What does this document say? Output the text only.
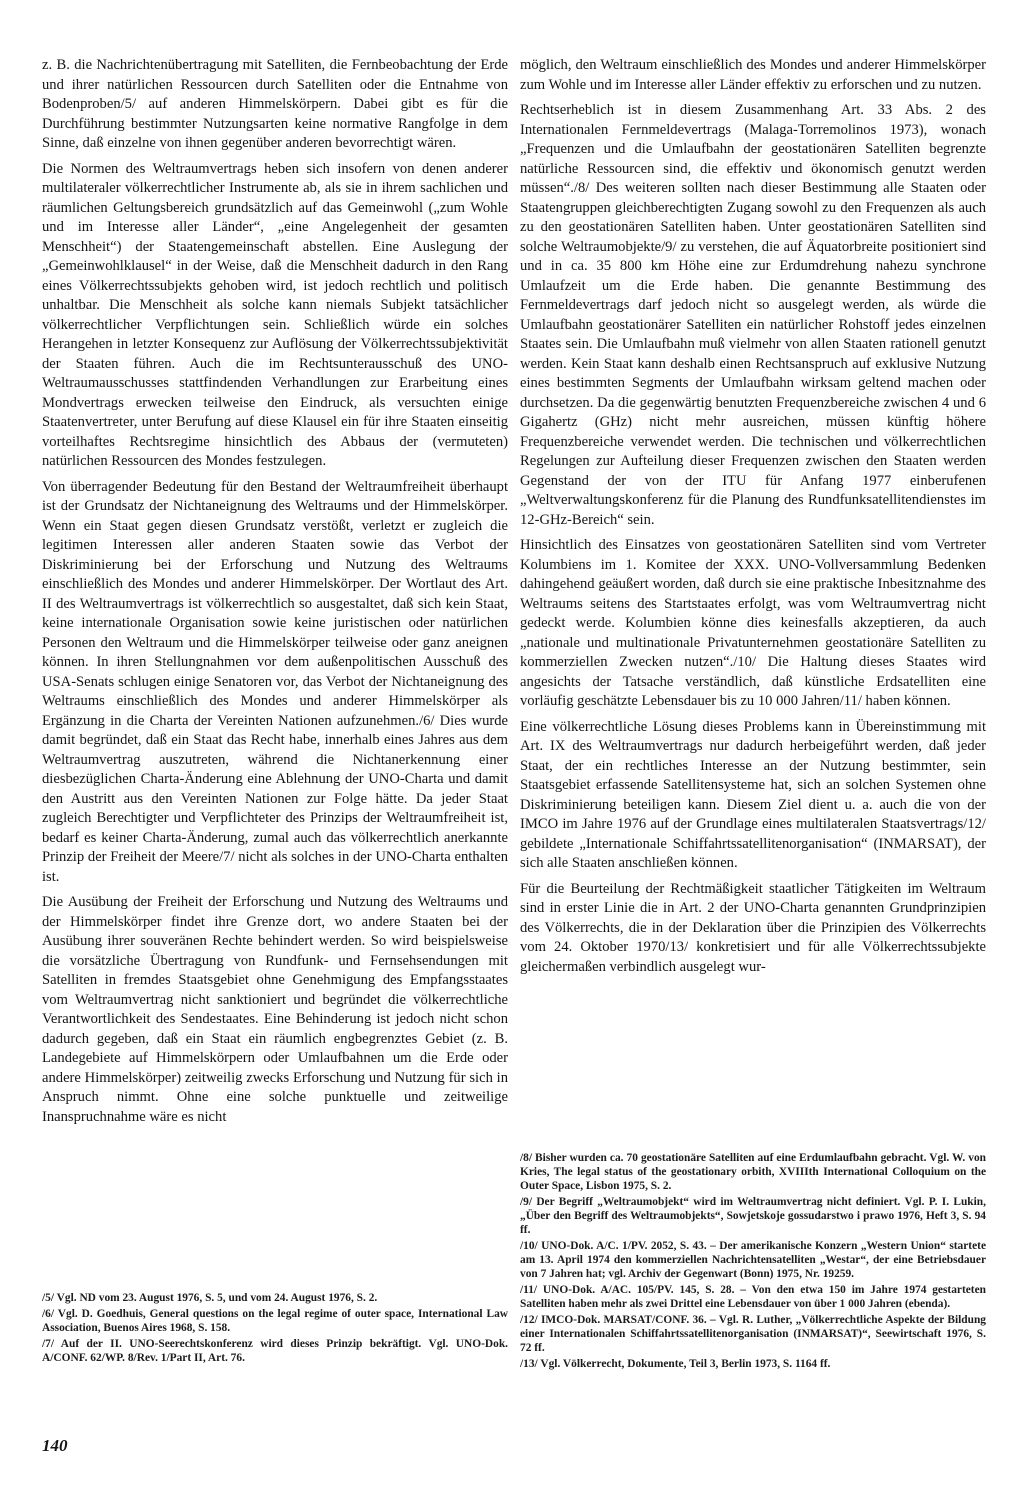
z. B. die Nachrichtenübertragung mit Satelliten, die Fernbeobachtung der Erde und ihrer natürlichen Ressourcen durch Satelliten oder die Entnahme von Bodenproben/5/ auf anderen Himmelskörpern. Dabei gibt es für die Durchführung bestimmter Nutzungsarten keine normative Rangfolge in dem Sinne, daß einzelne von ihnen gegenüber anderen bevorrechtigt wären.

Die Normen des Weltraumvertrags heben sich insofern von denen anderer multilateraler völkerrechtlicher Instrumente ab, als sie in ihrem sachlichen und räumlichen Geltungsbereich grundsätzlich auf das Gemeinwohl („zum Wohle und im Interesse aller Länder“, „eine Angelegenheit der gesamten Menschheit“) der Staatengemeinschaft abstellen. Eine Auslegung der „Gemeinwohlklausel“ in der Weise, daß die Menschheit dadurch in den Rang eines Völkerrechtssubjekts gehoben wird, ist jedoch rechtlich und politisch unhaltbar. Die Menschheit als solche kann niemals Subjekt tatsächlicher völkerrechtlicher Verpflichtungen sein. Schließlich würde ein solches Herangehen in letzter Konsequenz zur Auflösung der Völkerrechtssubjektivität der Staaten führen. Auch die im Rechtsunterausschuß des UNO-Weltraumausschusses stattfindenden Verhandlungen zur Erarbeitung eines Mondvertrags erwecken teilweise den Eindruck, als versuchten einige Staatenvertreter, unter Berufung auf diese Klausel ein für ihre Staaten einseitig vorteilhaftes Rechtsregime hinsichtlich des Abbaus der (vermuteten) natürlichen Ressourcen des Mondes festzulegen.

Von überragender Bedeutung für den Bestand der Weltraumfreiheit überhaupt ist der Grundsatz der Nichtaneignung des Weltraums und der Himmelskörper. Wenn ein Staat gegen diesen Grundsatz verstößt, verletzt er zugleich die legitimen Interessen aller anderen Staaten sowie das Verbot der Diskriminierung bei der Erforschung und Nutzung des Weltraums einschließlich des Mondes und anderer Himmelskörper. Der Wortlaut des Art. II des Weltraumvertrags ist völkerrechtlich so ausgestaltet, daß sich kein Staat, keine internationale Organisation sowie keine juristischen oder natürlichen Personen den Weltraum und die Himmelskörper teilweise oder ganz aneignen können. In ihren Stellungnahmen vor dem außenpolitischen Ausschuß des USA-Senats schlugen einige Senatoren vor, das Verbot der Nichtaneignung des Weltraums einschließlich des Mondes und anderer Himmelskörper als Ergänzung in die Charta der Vereinten Nationen aufzunehmen./6/ Dies wurde damit begründet, daß ein Staat das Recht habe, innerhalb eines Jahres aus dem Weltraumvertrag auszutreten, während die Nichtanerkennung einer diesbezüglichen Charta-Änderung eine Ablehnung der UNO-Charta und damit den Austritt aus den Vereinten Nationen zur Folge hätte. Da jeder Staat zugleich Berechtigter und Verpflichteter des Prinzips der Weltraumfreiheit ist, bedarf es keiner Charta-Änderung, zumal auch das völkerrechtlich anerkannte Prinzip der Freiheit der Meere/7/ nicht als solches in der UNO-Charta enthalten ist.

Die Ausübung der Freiheit der Erforschung und Nutzung des Weltraums und der Himmelskörper findet ihre Grenze dort, wo andere Staaten bei der Ausübung ihrer souveränen Rechte behindert werden. So wird beispielsweise die vorsätzliche Übertragung von Rundfunk- und Fernsehsendungen mit Satelliten in fremdes Staatsgebiet ohne Genehmigung des Empfangsstaates vom Weltraumvertrag nicht sanktioniert und begründet die völkerrechtliche Verantwortlichkeit des Sendestaates. Eine Behinderung ist jedoch nicht schon dadurch gegeben, daß ein Staat ein räumlich engbegrenztes Gebiet (z. B. Landegebiete auf Himmelskörpern oder Umlaufbahnen um die Erde oder andere Himmelskörper) zeitweilig zwecks Erforschung und Nutzung für sich in Anspruch nimmt. Ohne eine solche punktuelle und zeitweilige Inanspruchnahme wäre es nicht

möglich, den Weltraum einschließlich des Mondes und anderer Himmelskörper zum Wohle und im Interesse aller Länder effektiv zu erforschen und zu nutzen.

Rechtserheblich ist in diesem Zusammenhang Art. 33 Abs. 2 des Internationalen Fernmeldevertrags (Malaga-Torremolinos 1973), wonach „Frequenzen und die Umlaufbahn der geostationären Satelliten begrenzte natürliche Ressourcen sind, die effektiv und ökonomisch genutzt werden müssen“./8/ Des weiteren sollten nach dieser Bestimmung alle Staaten oder Staatengruppen gleichberechtigten Zugang sowohl zu den Frequenzen als auch zu den geostationären Satelliten haben. Unter geostationären Satelliten sind solche Weltraumobjekte/9/ zu verstehen, die auf Äquatorbreite positioniert sind und in ca. 35 800 km Höhe eine zur Erdumdrehung nahezu synchrone Umlaufzeit um die Erde haben. Die genannte Bestimmung des Fernmeldevertrags darf jedoch nicht so ausgelegt werden, als würde die Umlaufbahn geostationärer Satelliten ein natürlicher Rohstoff jedes einzelnen Staates sein. Die Umlaufbahn muß vielmehr von allen Staaten rationell genutzt werden. Kein Staat kann deshalb einen Rechtsanspruch auf exklusive Nutzung eines bestimmten Segments der Umlaufbahn wirksam geltend machen oder durchsetzen. Da die gegenwärtig benutzten Frequenzbereiche zwischen 4 und 6 Gigahertz (GHz) nicht mehr ausreichen, müssen künftig höhere Frequenzbereiche verwendet werden. Die technischen und völkerrechtlichen Regelungen zur Aufteilung dieser Frequenzen zwischen den Staaten werden Gegenstand der von der ITU für Anfang 1977 einberufenen „Weltverwaltungskonferenz für die Planung des Rundfunksatellitendienstes im 12-GHz-Bereich“ sein.

Hinsichtlich des Einsatzes von geostationären Satelliten sind vom Vertreter Kolumbiens im 1. Komitee der XXX. UNO-Vollversammlung Bedenken dahingehend geäußert worden, daß durch sie eine praktische Inbesitznahme des Weltraums seitens des Startstaates erfolgt, was vom Weltraumvertrag nicht gedeckt werde. Kolumbien könne dies keinesfalls akzeptieren, da auch „nationale und multinationale Privatunternehmen geostationäre Satelliten zu kommerziellen Zwecken nutzen“./10/ Die Haltung dieses Staates wird angesichts der Tatsache verständlich, daß künstliche Erdsatelliten eine vorläufig geschätzte Lebensdauer bis zu 10 000 Jahren/11/ haben können.

Eine völkerrechtliche Lösung dieses Problems kann in Übereinstimmung mit Art. IX des Weltraumvertrags nur dadurch herbeigeführt werden, daß jeder Staat, der ein rechtliches Interesse an der Nutzung bestimmter, sein Staatsgebiet erfassende Satellitensysteme hat, sich an solchen Systemen ohne Diskriminierung beteiligen kann. Diesem Ziel dient u. a. auch die von der IMCO im Jahre 1976 auf der Grundlage eines multilateralen Staatsvertrags/12/ gebildete „Internationale Schiffahrtssatellitenorganisation“ (INMARSAT), der sich alle Staaten anschließen können.

Für die Beurteilung der Rechtmäßigkeit staatlicher Tätigkeiten im Weltraum sind in erster Linie die in Art. 2 der UNO-Charta genannten Grundprinzipien des Völkerrechts, die in der Deklaration über die Prinzipien des Völkerrechts vom 24. Oktober 1970/13/ konkretisiert und für alle Völkerrechtssubjekte gleichermaßen verbindlich ausgelegt wur-

/5/ Vgl. ND vom 23. August 1976, S. 5, und vom 24. August 1976, S. 2.

/6/ Vgl. D. Goedhuis, General questions on the legal regime of outer space, International Law Association, Buenos Aires 1968, S. 158.

/7/ Auf der II. UNO-Seerechtskonferenz wird dieses Prinzip bekräftigt. Vgl. UNO-Dok. A/CONF. 62/WP. 8/Rev. 1/Part II, Art. 76.

/8/ Bisher wurden ca. 70 geostationäre Satelliten auf eine Erdumlaufbahn gebracht. Vgl. W. von Kries, The legal status of the geostationary orbith, XVIIIth International Colloquium on the Outer Space, Lisbon 1975, S. 2.

/9/ Der Begriff „Weltraumobjekt“ wird im Weltraumvertrag nicht definiert. Vgl. P. I. Lukin, „Über den Begriff des Weltraumobjekts“, Sowjetskoje gossudarstwo i prawo 1976, Heft 3, S. 94 ff.

/10/ UNO-Dok. A/C. 1/PV. 2052, S. 43. – Der amerikanische Konzern „Western Union“ startete am 13. April 1974 den kommerziellen Nachrichtensatelliten „Westar“, der eine Betriebsdauer von 7 Jahren hat; vgl. Archiv der Gegenwart (Bonn) 1975, Nr. 19259.

/11/ UNO-Dok. A/AC. 105/PV. 145, S. 28. – Von den etwa 150 im Jahre 1974 gestarteten Satelliten haben mehr als zwei Drittel eine Lebensdauer von über 1 000 Jahren (ebenda).

/12/ IMCO-Dok. MARSAT/CONF. 36. – Vgl. R. Luther, „Völkerrechtliche Aspekte der Bildung einer Internationalen Schiffahrtssatellitenorganisation (INMARSAT)“, Seewirtschaft 1976, S. 72 ff.

/13/ Vgl. Völkerrecht, Dokumente, Teil 3, Berlin 1973, S. 1164 ff.

140
